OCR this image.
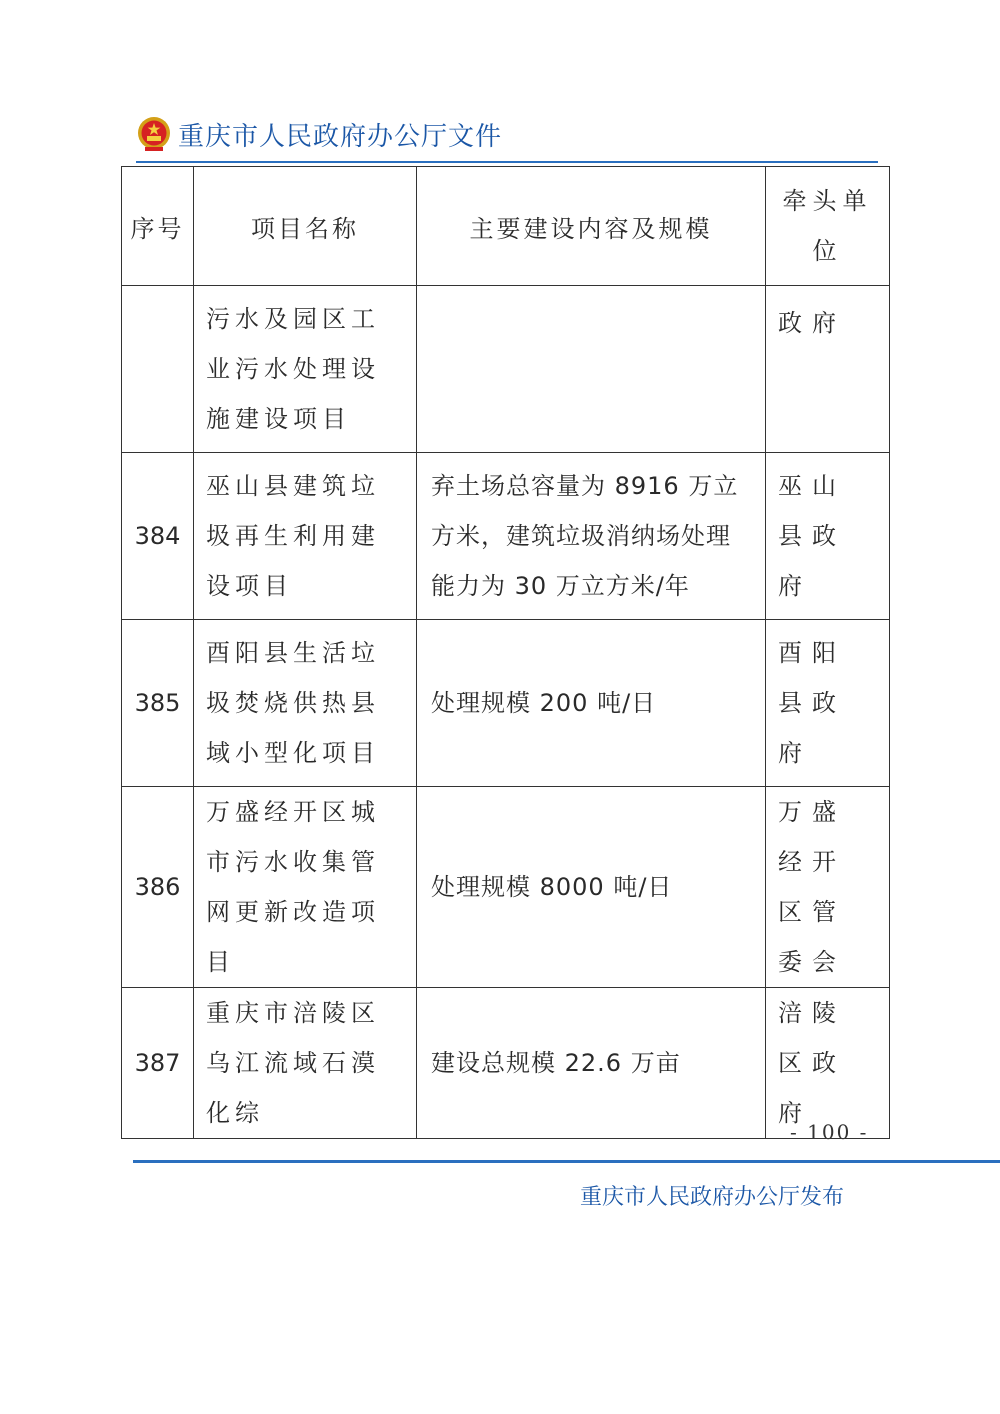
重庆市人民政府办公厅文件
序号	项目名称	主要建设内容及规模	牵头单位
	污水及园区工业污水处理设施建设项目		政府
384	巫山县建筑垃圾再生利用建设项目	弃土场总容量为 8916 万立方米，建筑垃圾消纳场处理能力为 30 万立方米/年	巫山县政府
385	酉阳县生活垃圾焚烧供热县域小型化项目	处理规模 200 吨/日	酉阳县政府
386	万盛经开区城市污水收集管网更新改造项目	处理规模 8000 吨/日	万盛经开区管委会
387	重庆市涪陵区乌江流域石漠化综	建设总规模 22.6 万亩	涪陵区政府
- 100 -
重庆市人民政府办公厅发布
